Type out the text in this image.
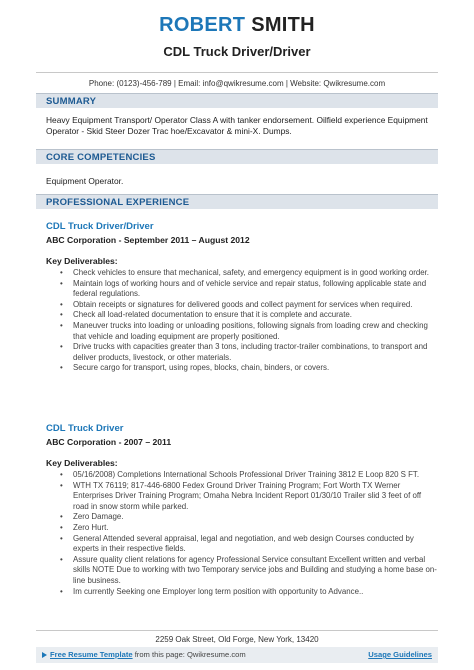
ROBERT SMITH
CDL Truck Driver/Driver
Phone: (0123)-456-789 | Email: info@qwikresume.com | Website: Qwikresume.com
SUMMARY
Heavy Equipment Transport/ Operator Class A with tanker endorsement. Oilfield experience Equipment Operator - Skid Steer Dozer Trac hoe/Excavator & mini-X. Dumps.
CORE COMPETENCIES
Equipment Operator.
PROFESSIONAL EXPERIENCE
CDL Truck Driver/Driver
ABC Corporation - September 2011 – August 2012
Key Deliverables:
• Check vehicles to ensure that mechanical, safety, and emergency equipment is in good working order.
• Maintain logs of working hours and of vehicle service and repair status, following applicable state and federal regulations.
• Obtain receipts or signatures for delivered goods and collect payment for services when required.
• Check all load-related documentation to ensure that it is complete and accurate.
• Maneuver trucks into loading or unloading positions, following signals from loading crew and checking that vehicle and loading equipment are properly positioned.
• Drive trucks with capacities greater than 3 tons, including tractor-trailer combinations, to transport and deliver products, livestock, or other materials.
• Secure cargo for transport, using ropes, blocks, chain, binders, or covers.
CDL Truck Driver
ABC Corporation - 2007 – 2011
Key Deliverables:
• 05/16/2008) Completions International Schools Professional Driver Training 3812 E Loop 820 S FT.
• WTH TX 76119; 817-446-6800 Fedex Ground Driver Training Program; Fort Worth TX Werner Enterprises Driver Training Program; Omaha Nebra Incident Report 01/30/10 Trailer slid 3 feet of off road in snow storm while parked.
• Zero Damage.
• Zero Hurt.
• General Attended several appraisal, legal and negotiation, and web design Courses conducted by experts in their respective fields.
• Assure quality client relations for agency Professional Service consultant Excellent written and verbal skills NOTE Due to working with two Temporary service jobs and Building and studying a home base on-line business.
• Im currently Seeking one Employer long term position with opportunity to Advance..
2259 Oak Street, Old Forge, New York, 13420
Free Resume Template from this page: Qwikresume.com	Usage Guidelines
